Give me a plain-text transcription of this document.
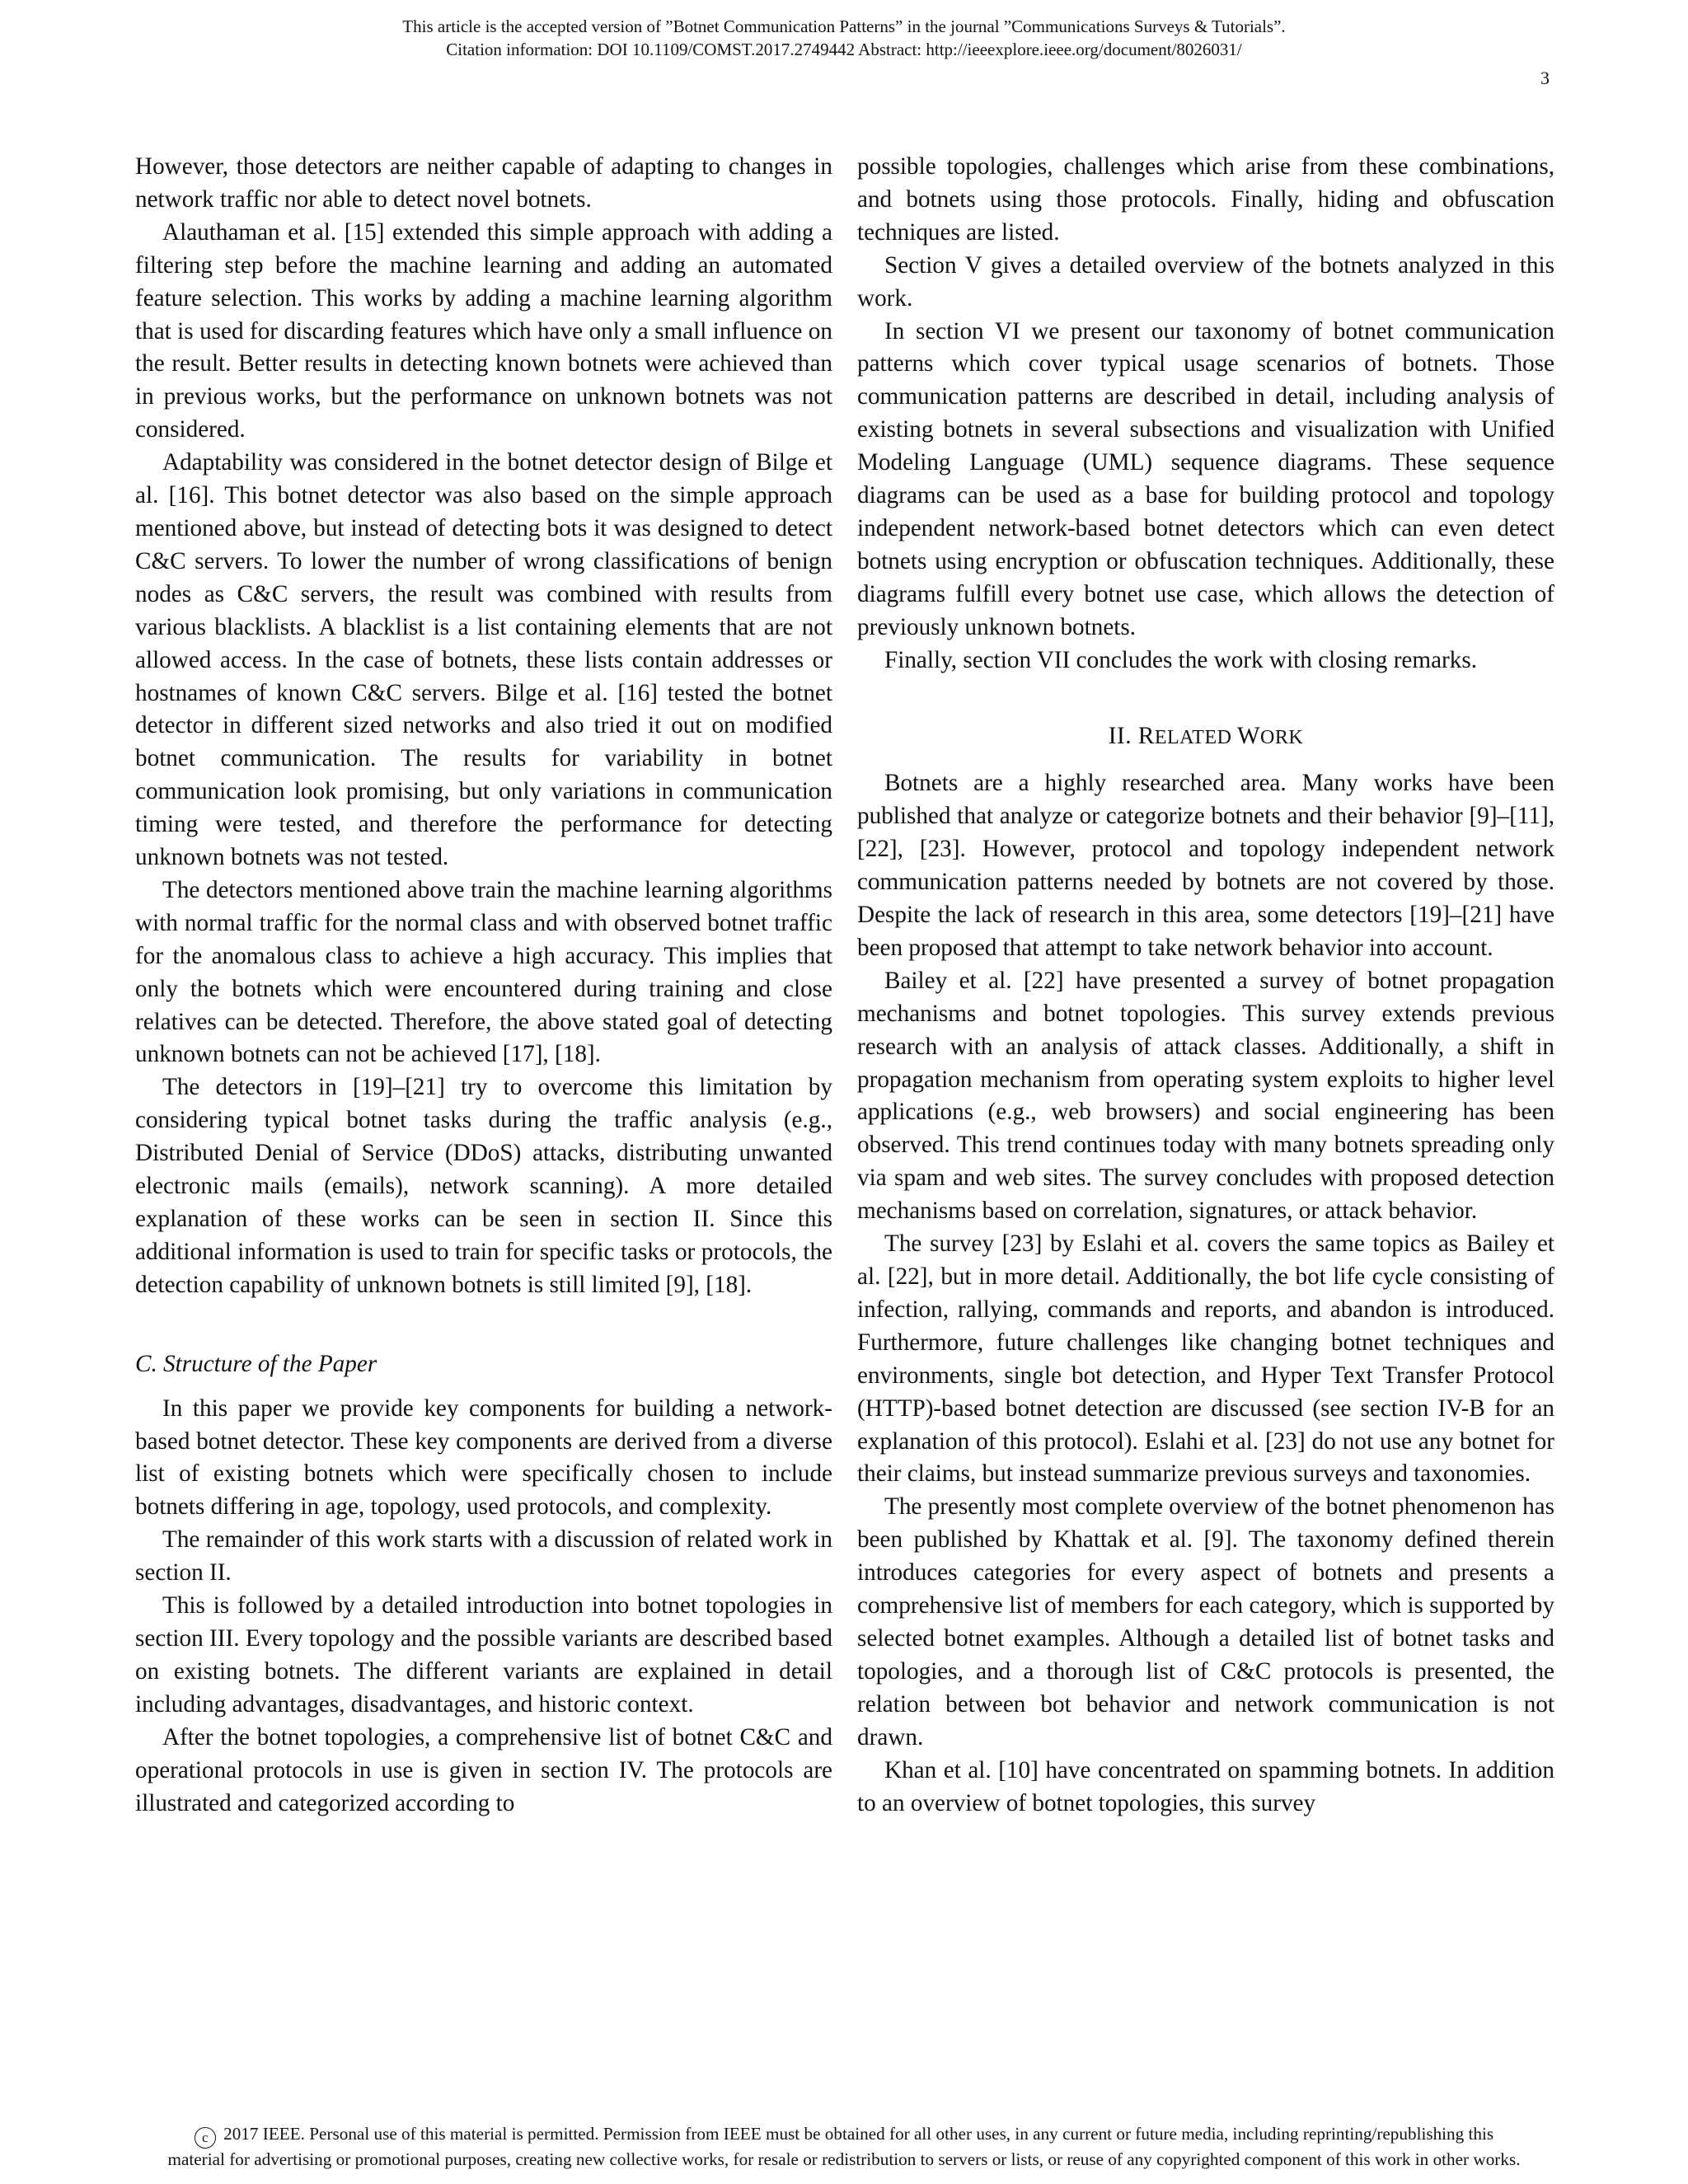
This article is the accepted version of ”Botnet Communication Patterns” in the journal ”Communications Surveys & Tutorials”.
Citation information: DOI 10.1109/COMST.2017.2749442 Abstract: http://ieeexplore.ieee.org/document/8026031/
3

However, those detectors are neither capable of adapting to changes in network traffic nor able to detect novel botnets.

Alauthaman et al. [15] extended this simple approach with adding a filtering step before the machine learning and adding an automated feature selection. This works by adding a machine learning algorithm that is used for discarding features which have only a small influence on the result. Better results in detecting known botnets were achieved than in previous works, but the performance on unknown botnets was not considered.

Adaptability was considered in the botnet detector design of Bilge et al. [16]. This botnet detector was also based on the simple approach mentioned above, but instead of detecting bots it was designed to detect C&C servers. To lower the number of wrong classifications of benign nodes as C&C servers, the result was combined with results from various blacklists. A blacklist is a list containing elements that are not allowed access. In the case of botnets, these lists contain addresses or hostnames of known C&C servers. Bilge et al. [16] tested the botnet detector in different sized networks and also tried it out on modified botnet communication. The results for variability in botnet communication look promising, but only variations in communication timing were tested, and therefore the performance for detecting unknown botnets was not tested.

The detectors mentioned above train the machine learning algorithms with normal traffic for the normal class and with observed botnet traffic for the anomalous class to achieve a high accuracy. This implies that only the botnets which were encountered during training and close relatives can be detected. Therefore, the above stated goal of detecting unknown botnets can not be achieved [17], [18].

The detectors in [19]–[21] try to overcome this limitation by considering typical botnet tasks during the traffic analysis (e.g., Distributed Denial of Service (DDoS) attacks, distributing unwanted electronic mails (emails), network scanning). A more detailed explanation of these works can be seen in section II. Since this additional information is used to train for specific tasks or protocols, the detection capability of unknown botnets is still limited [9], [18].

C. Structure of the Paper

In this paper we provide key components for building a network-based botnet detector. These key components are derived from a diverse list of existing botnets which were specifically chosen to include botnets differing in age, topology, used protocols, and complexity.

The remainder of this work starts with a discussion of related work in section II.

This is followed by a detailed introduction into botnet topologies in section III. Every topology and the possible variants are described based on existing botnets. The different variants are explained in detail including advantages, disadvantages, and historic context.

After the botnet topologies, a comprehensive list of botnet C&C and operational protocols in use is given in section IV. The protocols are illustrated and categorized according to

possible topologies, challenges which arise from these combinations, and botnets using those protocols. Finally, hiding and obfuscation techniques are listed.

Section V gives a detailed overview of the botnets analyzed in this work.

In section VI we present our taxonomy of botnet communication patterns which cover typical usage scenarios of botnets. Those communication patterns are described in detail, including analysis of existing botnets in several subsections and visualization with Unified Modeling Language (UML) sequence diagrams. These sequence diagrams can be used as a base for building protocol and topology independent network-based botnet detectors which can even detect botnets using encryption or obfuscation techniques. Additionally, these diagrams fulfill every botnet use case, which allows the detection of previously unknown botnets.

Finally, section VII concludes the work with closing remarks.

II. RELATED WORK

Botnets are a highly researched area. Many works have been published that analyze or categorize botnets and their behavior [9]–[11], [22], [23]. However, protocol and topology independent network communication patterns needed by botnets are not covered by those. Despite the lack of research in this area, some detectors [19]–[21] have been proposed that attempt to take network behavior into account.

Bailey et al. [22] have presented a survey of botnet propagation mechanisms and botnet topologies. This survey extends previous research with an analysis of attack classes. Additionally, a shift in propagation mechanism from operating system exploits to higher level applications (e.g., web browsers) and social engineering has been observed. This trend continues today with many botnets spreading only via spam and web sites. The survey concludes with proposed detection mechanisms based on correlation, signatures, or attack behavior.

The survey [23] by Eslahi et al. covers the same topics as Bailey et al. [22], but in more detail. Additionally, the bot life cycle consisting of infection, rallying, commands and reports, and abandon is introduced. Furthermore, future challenges like changing botnet techniques and environments, single bot detection, and Hyper Text Transfer Protocol (HTTP)-based botnet detection are discussed (see section IV-B for an explanation of this protocol). Eslahi et al. [23] do not use any botnet for their claims, but instead summarize previous surveys and taxonomies.

The presently most complete overview of the botnet phenomenon has been published by Khattak et al. [9]. The taxonomy defined therein introduces categories for every aspect of botnets and presents a comprehensive list of members for each category, which is supported by selected botnet examples. Although a detailed list of botnet tasks and topologies, and a thorough list of C&C protocols is presented, the relation between bot behavior and network communication is not drawn.

Khan et al. [10] have concentrated on spamming botnets. In addition to an overview of botnet topologies, this survey

c 2017 IEEE. Personal use of this material is permitted. Permission from IEEE must be obtained for all other uses, in any current or future media, including reprinting/republishing this
material for advertising or promotional purposes, creating new collective works, for resale or redistribution to servers or lists, or reuse of any copyrighted component of this work in other works.
